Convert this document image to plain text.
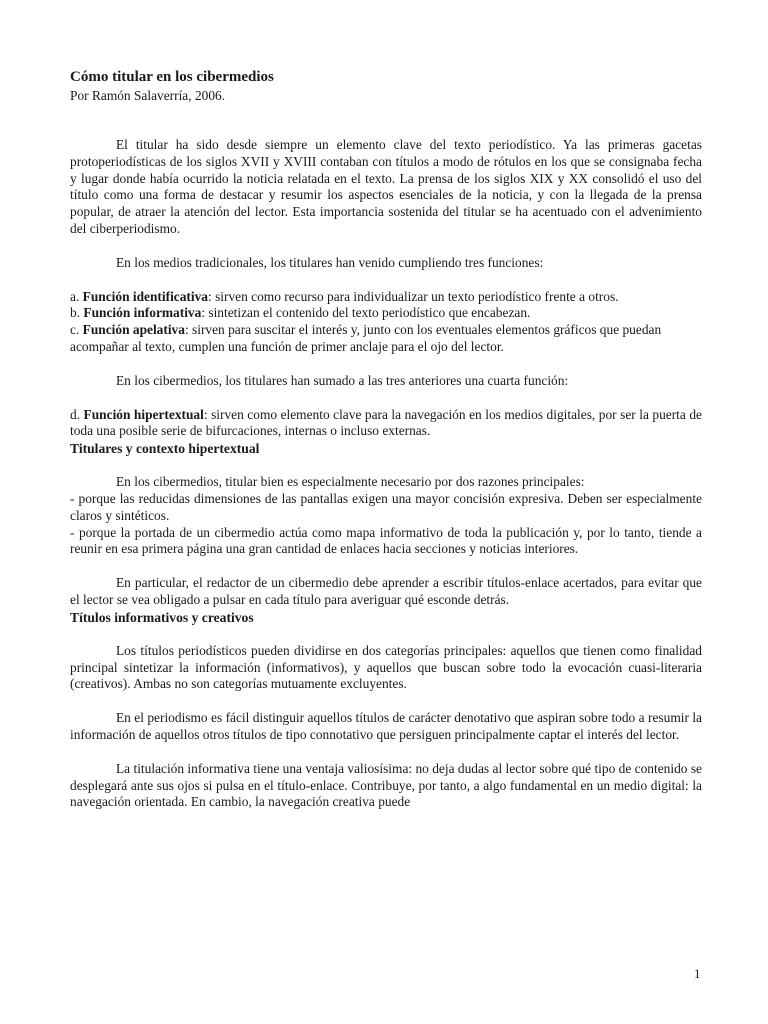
Cómo titular en los cibermedios

Por Ramón Salaverría, 2006.

El titular ha sido desde siempre un elemento clave del texto periodístico. Ya las primeras gacetas protoperiodísticas de los siglos XVII y XVIII contaban con títulos a modo de rótulos en los que se consignaba fecha y lugar donde había ocurrido la noticia relatada en el texto. La prensa de los siglos XIX y XX consolidó el uso del título como una forma de destacar y resumir los aspectos esenciales de la noticia, y con la llegada de la prensa popular, de atraer la atención del lector. Esta importancia sostenida del titular se ha acentuado con el advenimiento del ciberperiodismo.

En los medios tradicionales, los titulares han venido cumpliendo tres funciones:

a. Función identificativa: sirven como recurso para individualizar un texto periodístico frente a otros.

b. Función informativa: sintetizan el contenido del texto periodístico que encabezan.

c. Función apelativa: sirven para suscitar el interés y, junto con los eventuales elementos gráficos que puedan acompañar al texto, cumplen una función de primer anclaje para el ojo del lector.

En los cibermedios, los titulares han sumado a las tres anteriores una cuarta función:

d. Función hipertextual: sirven como elemento clave para la navegación en los medios digitales, por ser la puerta de toda una posible serie de bifurcaciones, internas o incluso externas.

Titulares y contexto hipertextual

En los cibermedios, titular bien es especialmente necesario por dos razones principales:

- porque las reducidas dimensiones de las pantallas exigen una mayor concisión expresiva. Deben ser especialmente claros y sintéticos.

- porque la portada de un cibermedio actúa como mapa informativo de toda la publicación y, por lo tanto, tiende a reunir en esa primera página una gran cantidad de enlaces hacia secciones y noticias interiores.

En particular, el redactor de un cibermedio debe aprender a escribir títulos-enlace acertados, para evitar que el lector se vea obligado a pulsar en cada título para averiguar qué esconde detrás.

Títulos informativos y creativos

Los títulos periodísticos pueden dividirse en dos categorías principales: aquellos que tienen como finalidad principal sintetizar la información (informativos), y aquellos que buscan sobre todo la evocación cuasi-literaria (creativos). Ambas no son categorías mutuamente excluyentes.

En el periodismo es fácil distinguir aquellos títulos de carácter denotativo que aspiran sobre todo a resumir la información de aquellos otros títulos de tipo connotativo que persiguen principalmente captar el interés del lector.

La titulación informativa tiene una ventaja valiosísima: no deja dudas al lector sobre qué tipo de contenido se desplegará ante sus ojos si pulsa en el título-enlace. Contribuye, por tanto, a algo fundamental en un medio digital: la navegación orientada. En cambio, la navegación creativa puede

1
